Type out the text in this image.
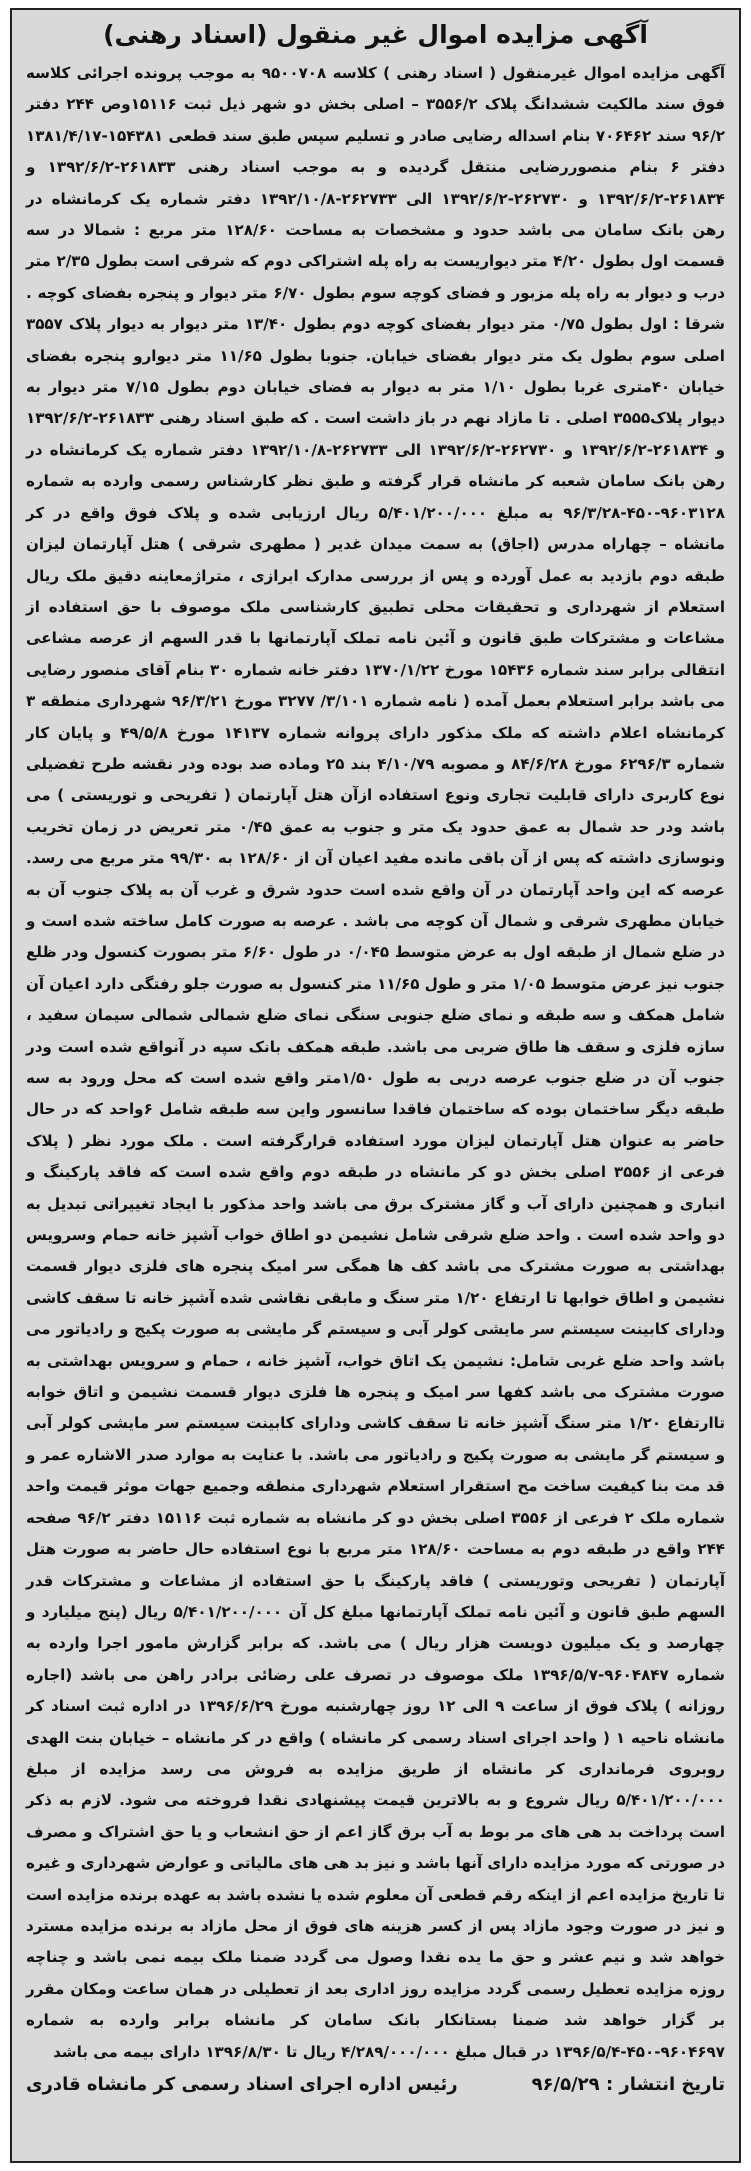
آگهی مزایده اموال غیر منقول (اسناد رهنی)

آگهی مزایده اموال غیرمنقول ( اسناد رهنی ) کلاسه ۹۵۰۰۷۰۸ به موجب پرونده اجرائی کلاسه فوق سند مالکیت ششدانگ پلاک ۳۵۵۶/۲ – اصلی بخش دو شهر ذیل ثبت ۱۵۱۱۶وص ۲۴۴ دفتر ۹۶/۲ سند ۷۰۶۴۶۲ بنام اسداله رضایی صادر و تسلیم سپس طبق سند قطعی ۱۵۴۳۸۱-۱۳۸۱/۴/۱۷ دفتر ۶ بنام منصوررضایی منتقل گردیده و به موجب اسناد رهنی ۲۶۱۸۳۳-۱۳۹۲/۶/۲ و ۲۶۱۸۳۴-۱۳۹۲/۶/۲ و ۲۶۲۷۳۰-۱۳۹۲/۶/۲ الی ۲۶۲۷۳۳-۱۳۹۲/۱۰/۸ دفتر شماره یک کرمانشاه در رهن بانک سامان می باشد حدود و مشخصات به مساحت ۱۲۸/۶۰ متر مربع : شمالا در سه قسمت اول بطول ۴/۲۰ متر دیواریست به راه پله اشتراکی دوم که شرقی است بطول ۲/۳۵ متر درب و دیوار به راه پله مزبور و فضای کوچه سوم بطول ۶/۷۰ متر دیوار و پنجره بفضای کوچه . شرقا : اول بطول ۰/۷۵ متر دیوار بفضای کوچه دوم بطول ۱۳/۴۰ متر دیوار به دیوار پلاک ۳۵۵۷ اصلی سوم بطول یک متر دیوار بفضای خیابان. جنوبا بطول ۱۱/۶۵ متر دیوارو پنجره بفضای خیابان ۴۰متری غربا بطول ۱/۱۰ متر به دیوار به فضای خیابان دوم بطول ۷/۱۵ متر دیوار به دیوار پلاک۳۵۵۵ اصلی . تا مازاد نهم در باز داشت است . که طبق اسناد رهنی ۲۶۱۸۳۳-۱۳۹۲/۶/۲ و ۲۶۱۸۳۴-۱۳۹۲/۶/۲ و ۲۶۲۷۳۰-۱۳۹۲/۶/۲ الی ۲۶۲۷۳۳-۱۳۹۲/۱۰/۸ دفتر شماره یک کرمانشاه در رهن بانک سامان شعبه کر مانشاه قرار گرفته و طبق نظر کارشناس رسمی وارده به شماره ۹۶۰۳۱۲۸-۴۵۰-۹۶/۳/۲۸ به مبلغ ۵/۴۰۱/۲۰۰/۰۰۰ ریال ارزیابی شده و پلاک فوق واقع در کر مانشاه – چهاراه مدرس (اجاق) به سمت میدان غدیر ( مطهری شرقی ) هتل آپارتمان لیزان طبقه دوم بازدید به عمل آورده و پس از بررسی مدارک ابرازی ، متراژمعاینه دقیق ملک ریال استعلام از شهرداری و تحقیقات محلی تطبیق کارشناسی ملک موصوف با حق استفاده از مشاعات و مشترکات طبق قانون و آئین نامه تملک آپارتمانها با قدر السهم از عرصه مشاعی انتقالی برابر سند شماره ۱۵۴۳۶ مورخ ۱۳۷۰/۱/۲۲ دفتر خانه شماره ۳۰ بنام آقای منصور رضایی می باشد برابر استعلام بعمل آمده ( نامه شماره ۳/۱۰۱/ ۳۲۷۷ مورخ ۹۶/۳/۲۱ شهرداری منطقه ۳ کرمانشاه اعلام داشته که ملک مذکور دارای پروانه شماره ۱۴۱۳۷ مورخ ۴۹/۵/۸ و پایان کار شماره ۶۲۹۶/۳ مورخ ۸۴/۶/۲۸ و مصوبه ۴/۱۰/۷۹ بند ۲۵ وماده صد بوده ودر نقشه طرح تفضیلی نوع کاربری دارای قابلیت تجاری ونوع استفاده ازآن هتل آپارتمان ( تفریحی و توریستی ) می باشد ودر حد شمال به عمق حدود یک متر و جنوب به عمق ۰/۴۵ متر تعریض در زمان تخریب ونوسازی داشته که پس از آن باقی مانده مفید اعیان آن از ۱۲۸/۶۰ به ۹۹/۳۰ متر مربع می رسد. عرصه که این واحد آپارتمان در آن واقع شده است حدود شرق و غرب آن به پلاک جنوب آن به خیابان مطهری شرقی و شمال آن کوچه می باشد . عرصه به صورت کامل ساخته شده است و در ضلع شمال از طبقه اول به عرض متوسط ۰/۰۴۵ در طول ۶/۶۰ متر بصورت کنسول ودر ظلع جنوب نیز عرض متوسط ۱/۰۵ متر و طول ۱۱/۶۵ متر کنسول به صورت جلو رفتگی دارد اعیان آن شامل همکف و سه طبقه و نمای ضلع جنوبی سنگی نمای ضلع شمالی شمالی سیمان سفید ، سازه فلزی و سقف ها طاق ضربی می باشد. طبقه همکف بانک سپه در آنواقع شده است ودر جنوب آن در ضلع جنوب عرصه دربی به طول ۱/۵۰متر واقع شده است که محل ورود به سه طبقه دیگر ساختمان بوده که ساختمان فاقدا سانسور واین سه طبقه شامل ۶واحد که در حال حاضر به عنوان هتل آپارتمان لیزان مورد استفاده قرارگرفته است . ملک مورد نظر ( پلاک فرعی از ۳۵۵۶ اصلی بخش دو کر مانشاه در طبقه دوم واقع شده است که فاقد پارکینگ و انباری و همچنین دارای آب و گاز مشترک برق می باشد واحد مذکور با ایجاد تغییراتی تبدیل به دو واحد شده است . واحد ضلع شرقی شامل نشیمن دو اطاق خواب آشپز خانه حمام وسرویس بهداشتی به صورت مشترک می باشد کف ها همگی سر امیک پنجره های فلزی دیوار قسمت نشیمن و اطاق خوابها تا ارتفاع ۱/۲۰ متر سنگ و مابقی نقاشی شده آشپز خانه تا سقف کاشی ودارای کابینت سیستم سر مایشی کولر آبی و سیستم گر مایشی به صورت پکیج و رادیاتور می باشد واحد ضلع غربی شامل: نشیمن یک اتاق خواب، آشپز خانه ، حمام و سرویس بهداشتی به صورت مشترک می باشد کفها سر امیک و پنجره ها فلزی دیوار قسمت نشیمن و اتاق خوابه تاارتفاع ۱/۲۰ متر سنگ آشپز خانه تا سقف کاشی ودارای کابینت سیستم سر مایشی کولر آبی و سیستم گر مایشی به صورت پکیج و رادیاتور می باشد. با عنایت به موارد صدر الاشاره عمر و قد مت بنا کیفیت ساخت مح استقرار استعلام شهرداری منطقه وجمیع جهات موثر قیمت واحد شماره ملک ۲ فرعی از ۳۵۵۶ اصلی بخش دو کر مانشاه به شماره ثبت ۱۵۱۱۶ دفتر ۹۶/۲ صفحه ۲۴۴ واقع در طبقه دوم به مساحت ۱۲۸/۶۰ متر مربع با نوع استفاده حال حاضر به صورت هتل آپارتمان ( تفریحی وتوریستی ) فاقد پارکینگ با حق استفاده از مشاعات و مشترکات قدر السهم طبق قانون و آئین نامه تملک آپارتمانها مبلغ کل آن ۵/۴۰۱/۲۰۰/۰۰۰ ریال (پنج میلیارد و چهارصد و یک میلیون دویست هزار ریال ) می باشد. که برابر گزارش مامور اجرا وارده به شماره ۹۶۰۴۸۴۷-۱۳۹۶/۵/۷ ملک موصوف در تصرف علی رضائی برادر راهن می باشد (اجاره روزانه ) پلاک فوق از ساعت ۹ الی ۱۲ روز چهارشنبه مورخ ۱۳۹۶/۶/۲۹ در اداره ثبت اسناد کر مانشاه ناحیه ۱ ( واحد اجرای اسناد رسمی کر مانشاه ) واقع در کر مانشاه – خیابان بنت الهدی روبروی فرمانداری کر مانشاه از طریق مزایده به فروش می رسد مزایده از مبلغ ۵/۴۰۱/۲۰۰/۰۰۰ ریال شروع و به بالاترین قیمت پیشنهادی نقدا فروخته می شود. لازم به ذکر است پرداخت بد هی های مر بوط به آب برق گاز اعم از حق انشعاب و یا حق اشتراک و مصرف در صورتی که مورد مزایده دارای آنها باشد و نیز بد هی های مالیاتی و عوارض شهرداری و غیره تا تاریخ مزایده اعم از اینکه رقم قطعی آن معلوم شده یا نشده باشد به عهده برنده مزایده است و نیز در صورت وجود مازاد پس از کسر هزینه های فوق از محل مازاد به برنده مزایده مسترد خواهد شد و نیم عشر و حق ما یده نقدا وصول می گردد ضمنا ملک بیمه نمی باشد و چناچه روزه مزایده تعطیل رسمی گردد مزایده روز اداری بعد از تعطیلی در همان ساعت ومکان مقرر بر گزار خواهد شد ضمنا بستانکار بانک سامان کر مانشاه برابر وارده به شماره ۹۶۰۴۶۹۷-۴۵۰-۱۳۹۶/۵/۴ در قبال مبلغ ۴/۲۸۹/۰۰۰/۰۰۰ ریال تا ۱۳۹۶/۸/۳۰ دارای بیمه می باشد

تاریخ انتشار : ۹۶/۵/۲۹
رئیس اداره اجرای اسناد رسمی کر مانشاه قادری
